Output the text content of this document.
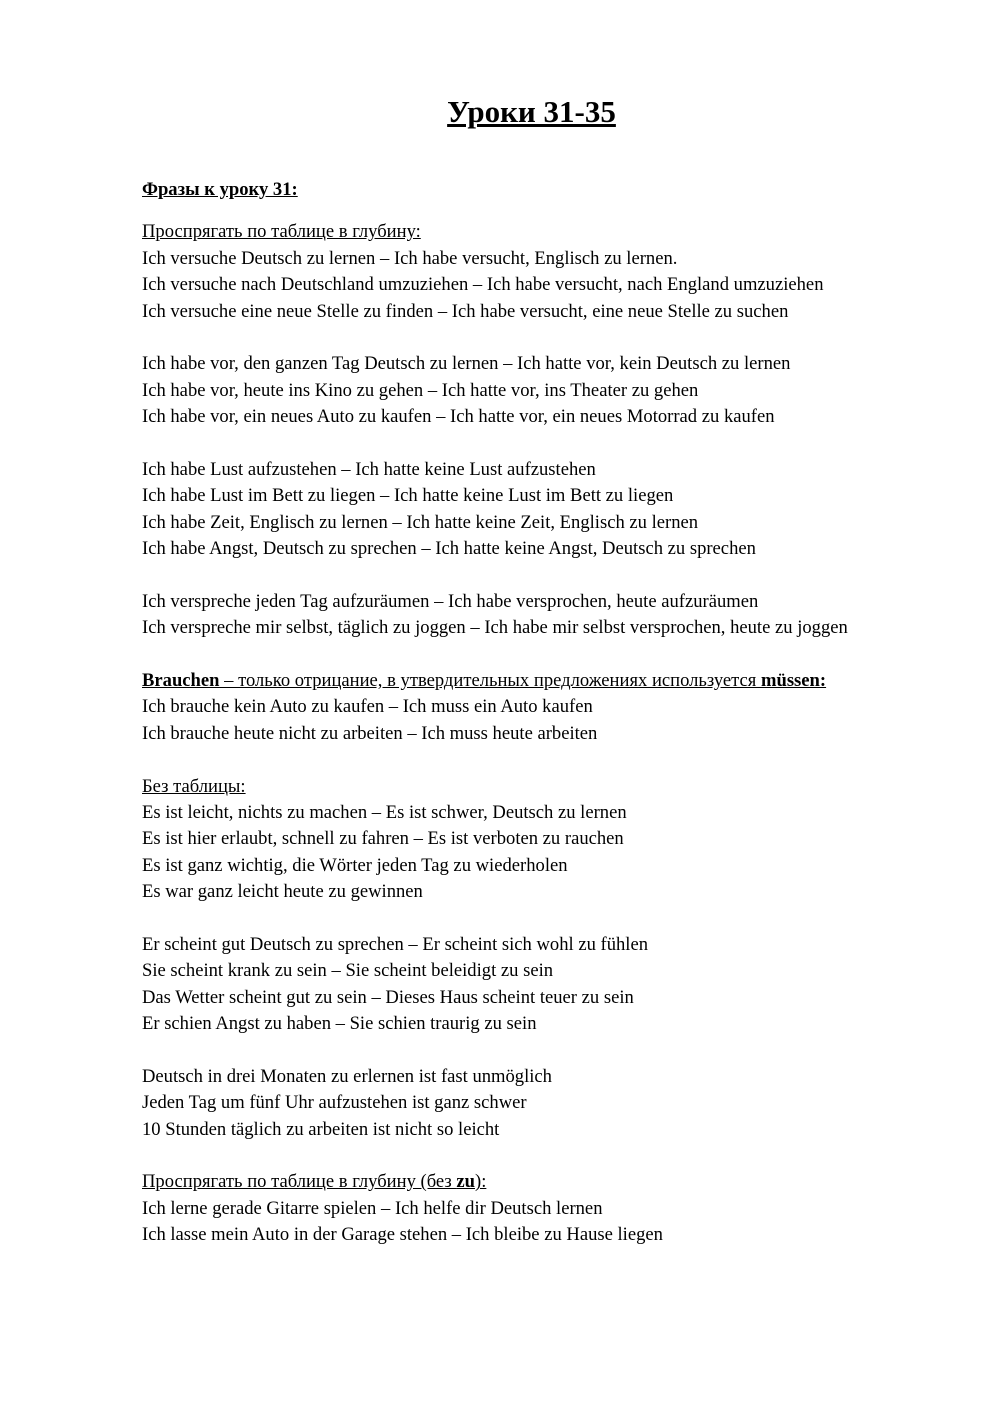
Уроки 31-35
Фразы к уроку 31:
Проспрягать по таблице в глубину:
Ich versuche Deutsch zu lernen – Ich habe versucht, Englisch zu lernen.
Ich versuche nach Deutschland umzuziehen – Ich habe versucht, nach England umzuziehen
Ich versuche eine neue Stelle zu finden – Ich habe versucht, eine neue Stelle zu suchen
Ich habe vor, den ganzen Tag Deutsch zu lernen – Ich hatte vor, kein Deutsch zu lernen
Ich habe vor, heute ins Kino zu gehen – Ich hatte vor, ins Theater zu gehen
Ich habe vor, ein neues Auto zu kaufen – Ich hatte vor, ein neues Motorrad zu kaufen
Ich habe Lust aufzustehen – Ich hatte keine Lust aufzustehen
Ich habe Lust im Bett zu liegen – Ich hatte keine Lust im Bett zu liegen
Ich habe Zeit, Englisch zu lernen – Ich hatte keine Zeit, Englisch zu lernen
Ich habe Angst, Deutsch zu sprechen – Ich hatte keine Angst, Deutsch zu sprechen
Ich verspreche jeden Tag aufzuräumen – Ich habe versprochen, heute aufzuräumen
Ich verspreche mir selbst, täglich zu joggen – Ich habe mir selbst versprochen, heute zu joggen
Brauchen – только отрицание, в утвердительных предложениях используется müssen:
Ich brauche kein Auto zu kaufen – Ich muss ein Auto kaufen
Ich brauche heute nicht zu arbeiten – Ich muss heute arbeiten
Без таблицы:
Es ist leicht, nichts zu machen – Es ist schwer, Deutsch zu lernen
Es ist hier erlaubt, schnell zu fahren – Es ist verboten zu rauchen
Es ist ganz wichtig, die Wörter jeden Tag zu wiederholen
Es war ganz leicht heute zu gewinnen
Er scheint gut Deutsch zu sprechen – Er scheint sich wohl zu fühlen
Sie scheint krank zu sein – Sie scheint beleidigt zu sein
Das Wetter scheint gut zu sein – Dieses Haus scheint teuer zu sein
Er schien Angst zu haben – Sie schien traurig zu sein
Deutsch in drei Monaten zu erlernen ist fast unmöglich
Jeden Tag um fünf Uhr aufzustehen ist ganz schwer
10 Stunden täglich zu arbeiten ist nicht so leicht
Проспрягать по таблице в глубину (без zu):
Ich lerne gerade Gitarre spielen – Ich helfe dir Deutsch lernen
Ich lasse mein Auto in der Garage stehen – Ich bleibe zu Hause liegen
